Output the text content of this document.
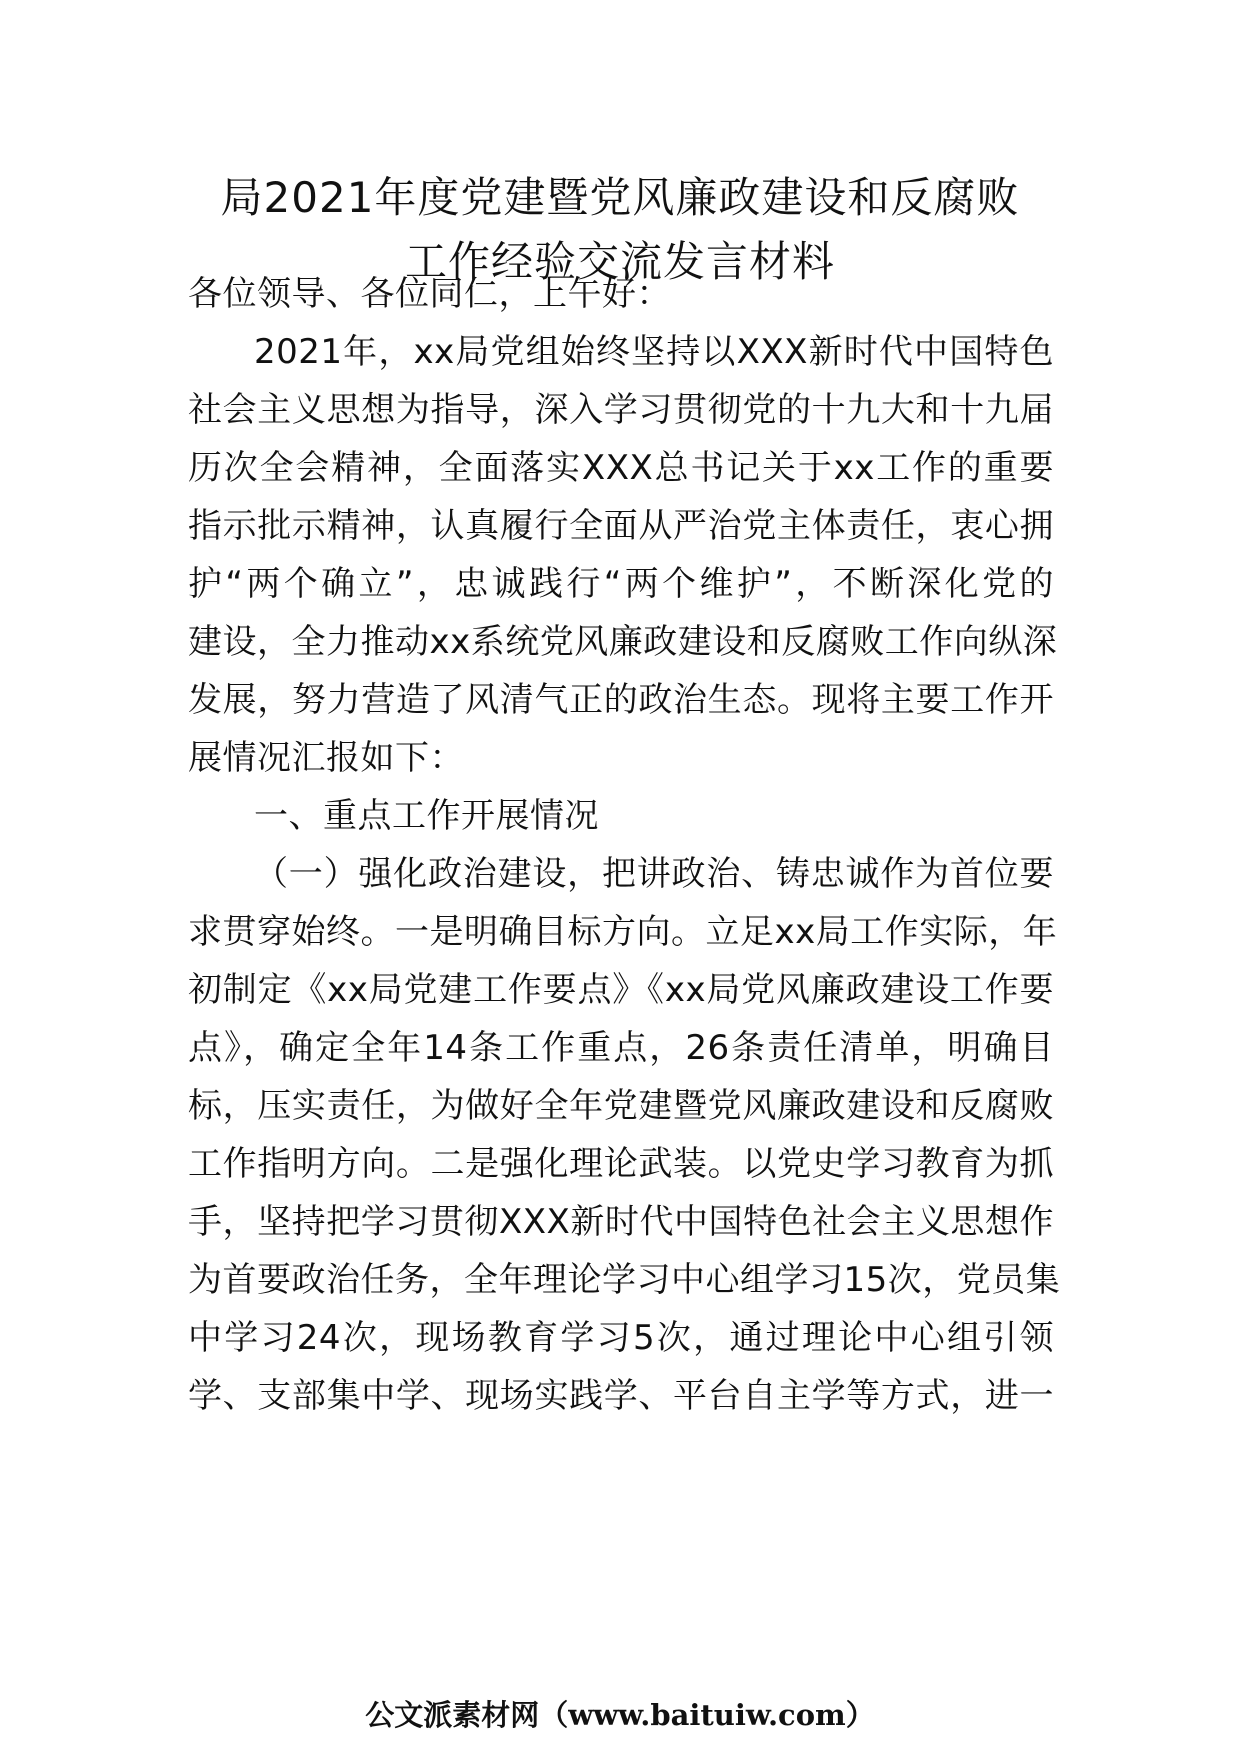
局2021年度党建暨党风廉政建设和反腐败
工作经验交流发言材料
各位领导、各位同仁，上午好：
2021年，xx局党组始终坚持以XXX新时代中国特色
社会主义思想为指导，深入学习贯彻党的十九大和十九届
历次全会精神，全面落实XXX总书记关于xx工作的重要
指示批示精神，认真履行全面从严治党主体责任，衷心拥
护“两个确立”，忠诚践行“两个维护”，不断深化党的
建设，全力推动xx系统党风廉政建设和反腐败工作向纵深
发展，努力营造了风清气正的政治生态。现将主要工作开
展情况汇报如下：
一、重点工作开展情况
（一）强化政治建设，把讲政治、铸忠诚作为首位要
求贯穿始终。一是明确目标方向。立足xx局工作实际，年
初制定《xx局党建工作要点》《xx局党风廉政建设工作要
点》，确定全年14条工作重点，26条责任清单，明确目
标，压实责任，为做好全年党建暨党风廉政建设和反腐败
工作指明方向。二是强化理论武装。以党史学习教育为抓
手，坚持把学习贯彻XXX新时代中国特色社会主义思想作
为首要政治任务，全年理论学习中心组学习15次，党员集
中学习24次，现场教育学习5次，通过理论中心组引领
学、支部集中学、现场实践学、平台自主学等方式，进一
公文派素材网（www.baituiw.com）
